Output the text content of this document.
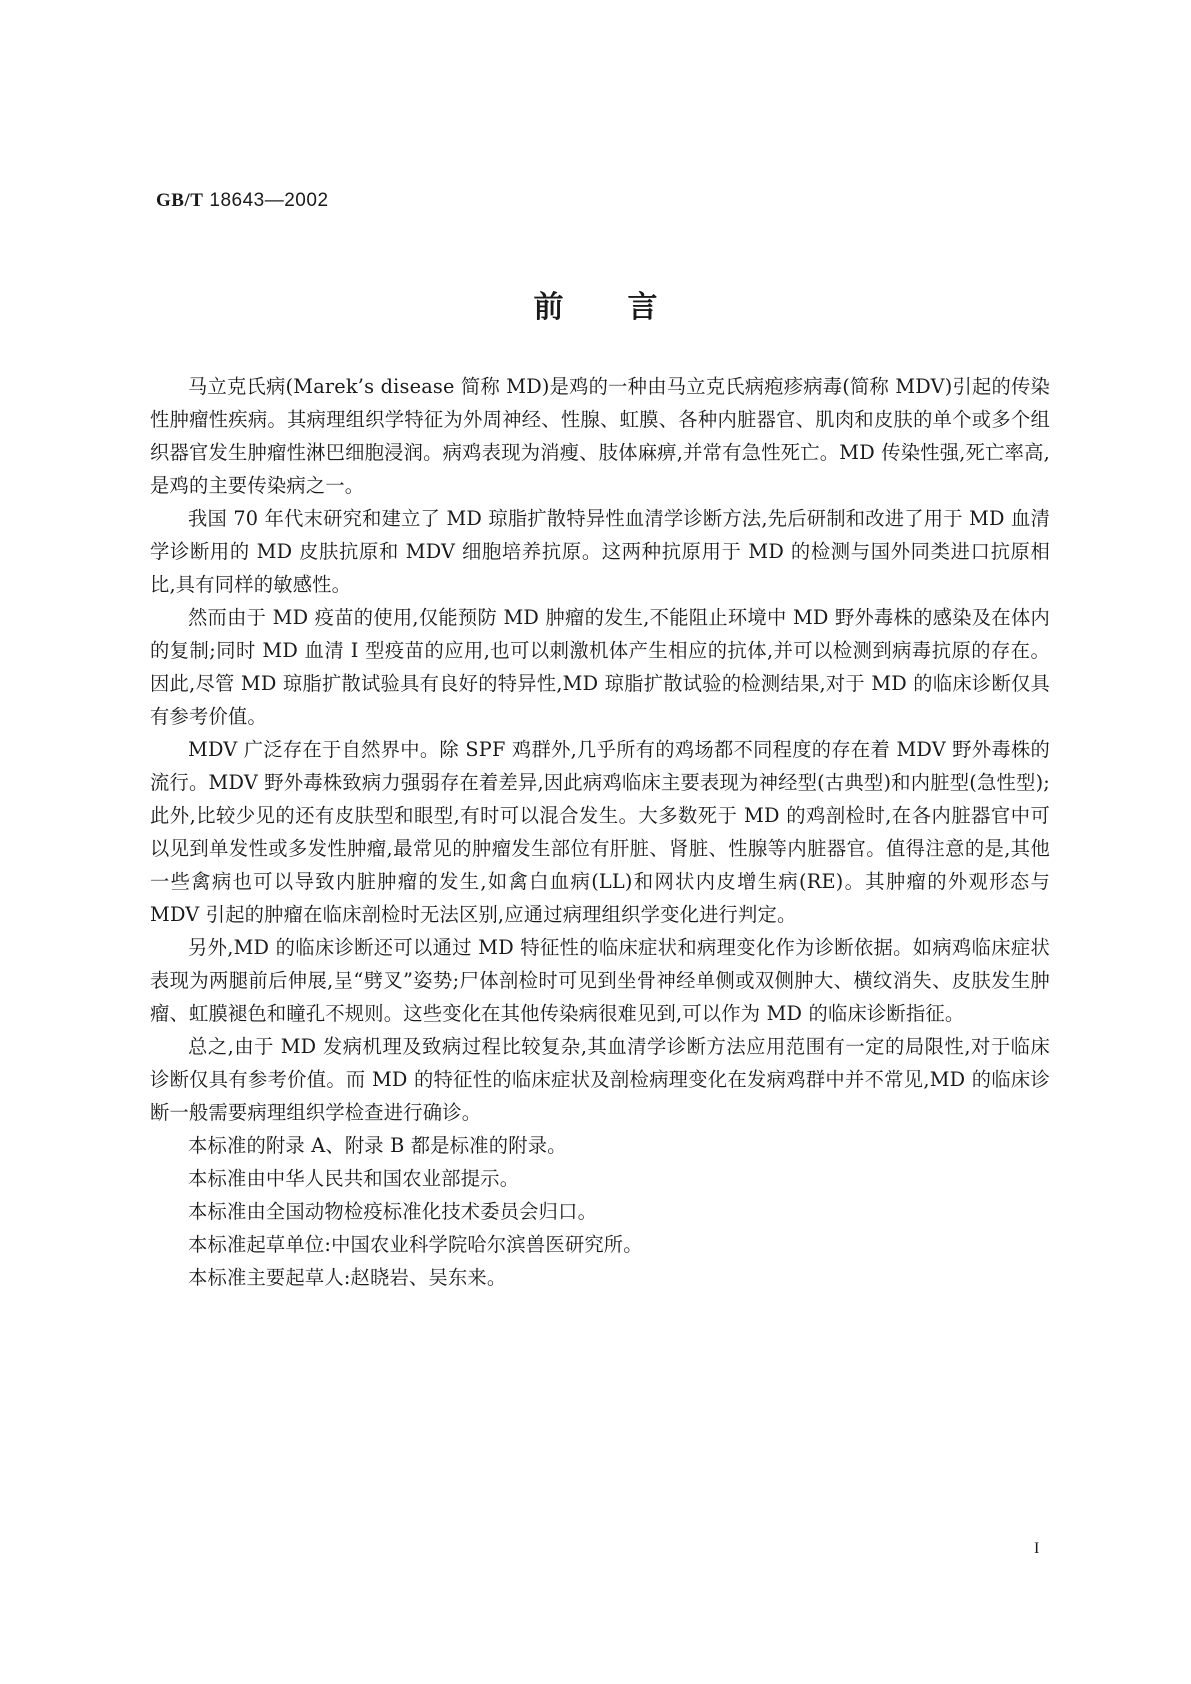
GB/T 18643—2002
前言

马立克氏病(Marek’s disease 简称 MD)是鸡的一种由马立克氏病疱疹病毒(简称 MDV)引起的传染性肿瘤性疾病。其病理组织学特征为外周神经、性腺、虹膜、各种内脏器官、肌肉和皮肤的单个或多个组织器官发生肿瘤性淋巴细胞浸润。病鸡表现为消瘦、肢体麻痹,并常有急性死亡。MD 传染性强,死亡率高,是鸡的主要传染病之一。

我国 70 年代末研究和建立了 MD 琼脂扩散特异性血清学诊断方法,先后研制和改进了用于 MD 血清学诊断用的 MD 皮肤抗原和 MDV 细胞培养抗原。这两种抗原用于 MD 的检测与国外同类进口抗原相比,具有同样的敏感性。

然而由于 MD 疫苗的使用,仅能预防 MD 肿瘤的发生,不能阻止环境中 MD 野外毒株的感染及在体内的复制;同时 MD 血清 I 型疫苗的应用,也可以刺激机体产生相应的抗体,并可以检测到病毒抗原的存在。因此,尽管 MD 琼脂扩散试验具有良好的特异性,MD 琼脂扩散试验的检测结果,对于 MD 的临床诊断仅具有参考价值。

MDV 广泛存在于自然界中。除 SPF 鸡群外,几乎所有的鸡场都不同程度的存在着 MDV 野外毒株的流行。MDV 野外毒株致病力强弱存在着差异,因此病鸡临床主要表现为神经型(古典型)和内脏型(急性型);此外,比较少见的还有皮肤型和眼型,有时可以混合发生。大多数死于 MD 的鸡剖检时,在各内脏器官中可以见到单发性或多发性肿瘤,最常见的肿瘤发生部位有肝脏、肾脏、性腺等内脏器官。值得注意的是,其他一些禽病也可以导致内脏肿瘤的发生,如禽白血病(LL)和网状内皮增生病(RE)。其肿瘤的外观形态与 MDV 引起的肿瘤在临床剖检时无法区别,应通过病理组织学变化进行判定。

另外,MD 的临床诊断还可以通过 MD 特征性的临床症状和病理变化作为诊断依据。如病鸡临床症状表现为两腿前后伸展,呈“劈叉”姿势;尸体剖检时可见到坐骨神经单侧或双侧肿大、横纹消失、皮肤发生肿瘤、虹膜褪色和瞳孔不规则。这些变化在其他传染病很难见到,可以作为 MD 的临床诊断指征。

总之,由于 MD 发病机理及致病过程比较复杂,其血清学诊断方法应用范围有一定的局限性,对于临床诊断仅具有参考价值。而 MD 的特征性的临床症状及剖检病理变化在发病鸡群中并不常见,MD 的临床诊断一般需要病理组织学检查进行确诊。

本标准的附录 A、附录 B 都是标准的附录。

本标准由中华人民共和国农业部提示。

本标准由全国动物检疫标准化技术委员会归口。

本标准起草单位:中国农业科学院哈尔滨兽医研究所。

本标准主要起草人:赵晓岩、吴东来。

I
